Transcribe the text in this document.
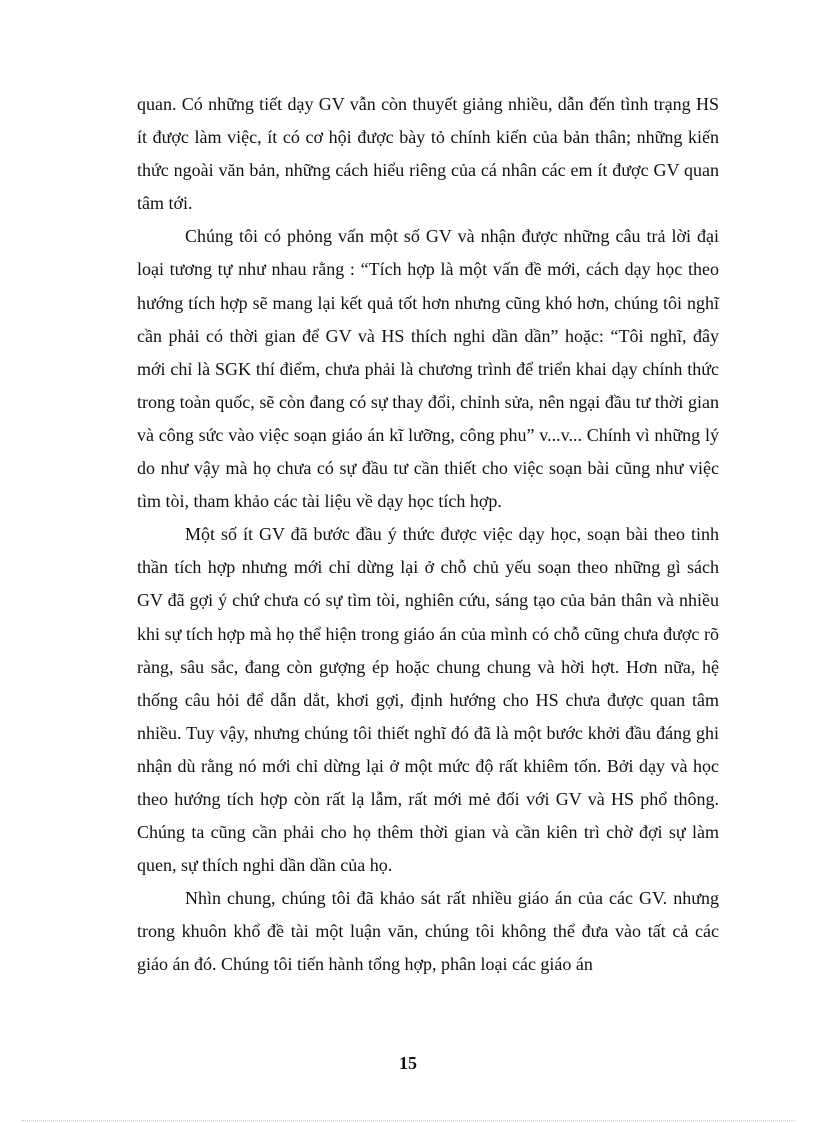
quan. Có những tiết dạy GV vẫn còn thuyết giảng nhiều, dẫn đến tình trạng HS ít được làm việc, ít có cơ hội được bày tỏ chính kiến của bản thân; những kiến thức ngoài văn bản, những cách hiểu riêng của cá nhân các em ít được GV quan tâm tới.

Chúng tôi có phỏng vấn một số GV và nhận được những câu trả lời đại loại tương tự như nhau rằng : “Tích hợp là một vấn đề mới, cách dạy học theo hướng tích hợp sẽ mang lại kết quả tốt hơn nhưng cũng khó hơn, chúng tôi nghĩ cần phải có thời gian để GV và HS thích nghi dần dần” hoặc: “Tôi nghĩ, đây mới chỉ là SGK thí điểm, chưa phải là chương trình để triển khai dạy chính thức trong toàn quốc, sẽ còn đang có sự thay đổi, chỉnh sửa, nên ngại đầu tư thời gian và công sức vào việc soạn giáo án kĩ lưỡng, công phu” v...v... Chính vì những lý do như vậy mà họ chưa có sự đầu tư cần thiết cho việc soạn bài cũng như việc tìm tòi, tham khảo các tài liệu về dạy học tích hợp.

Một số ít GV đã bước đầu ý thức được việc dạy học, soạn bài theo tinh thần tích hợp nhưng mới chỉ dừng lại ở chỗ chủ yếu soạn theo những gì sách GV đã gợi ý chứ chưa có sự tìm tòi, nghiên cứu, sáng tạo của bản thân và nhiều khi sự tích hợp mà họ thể hiện trong giáo án của mình có chỗ cũng chưa được rõ ràng, sâu sắc, đang còn gượng ép hoặc chung chung và hời hợt. Hơn nữa, hệ thống câu hỏi để dẫn dắt, khơi gợi, định hướng cho HS chưa được quan tâm nhiều. Tuy vậy, nhưng chúng tôi thiết nghĩ đó đã là một bước khởi đầu đáng ghi nhận dù rằng nó mới chỉ dừng lại ở một mức độ rất khiêm tốn. Bởi dạy và học theo hướng tích hợp còn rất lạ lẫm, rất mới mẻ đối với GV và HS phổ thông. Chúng ta cũng cần phải cho họ thêm thời gian và cần kiên trì chờ đợi sự làm quen, sự thích nghi dần dần của họ.

Nhìn chung, chúng tôi đã khảo sát rất nhiều giáo án của các GV. nhưng trong khuôn khổ đề tài một luận văn, chúng tôi không thể đưa vào tất cả các giáo án đó. Chúng tôi tiến hành tổng hợp, phân loại các giáo án

15
